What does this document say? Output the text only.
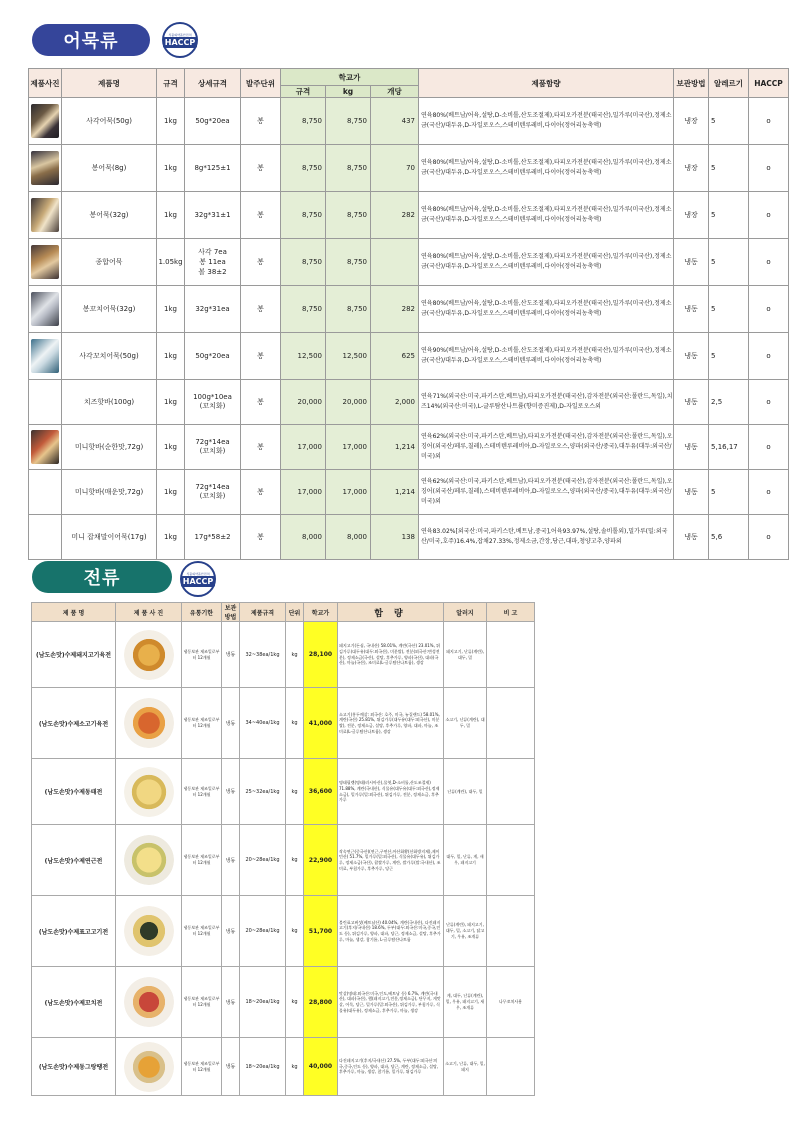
어묵류	식품의약품안전처
HACCP
제품사진	제품명	규격	상세규격	발주단위	학교가			제품함량	보관방법	알레르기	HACCP
					규격	kg	개당				

	사각어묵(50g)	1kg	50g*20ea	봉	8,750	8,750	437	연육80%(베트남/어육,설탕,D-소비톨,산도조절제),타피오카전분(태국산),밀가루(미국산),정제소금(국산)/대두유,D-자일로오스,스테비텐루레비,다이아(정어리농축액)	냉장	5	o

	봉어묵(8g)	1kg	8g*125±1	봉	8,750	8,750	70	연육80%(베트남/어육,설탕,D-소비톨,산도조절제),타피오카전분(태국산),밀가루(미국산),정제소금(국산)/대두유,D-자일로오스,스테비텐루레비,다이아(정어리농축액)	냉장	5	o

	봉어묵(32g)	1kg	32g*31±1	봉	8,750	8,750	282	연육80%(베트남/어육,설탕,D-소비톨,산도조절제),타피오카전분(태국산),밀가루(미국산),정제소금(국산)/대두유,D-자일로오스,스테비텐루레비,다이아(정어리농축액)	냉장	5	o

	종합어묵	1.05kg	사각 7ea
봉 11ea
볼 38±2	봉	8,750	8,750		연육80%(베트남/어육,설탕,D-소비톨,산도조절제),타피오카전분(태국산),밀가루(미국산),정제소금(국산)/대두유,D-자일로오스,스테비텐루레비,다이아(정어리농축액)	냉동	5	o

	봉꼬치어묵(32g)	1kg	32g*31ea	봉	8,750	8,750	282	연육80%(베트남/어육,설탕,D-소비톨,산도조절제),타피오카전분(태국산),밀가루(미국산),정제소금(국산)/대두유,D-자일로오스,스테비텐루레비,다이아(정어리농축액)	냉동	5	o

	사각꼬치어묵(50g)	1kg	50g*20ea	봉	12,500	12,500	625	연육90%(베트남/어육,설탕,D-소비톨,산도조절제),타피오카전분(태국산),밀가루(미국산),정제소금(국산)/대두유,D-자일로오스,스테비텐루레비,다이아(정어리농축액)	냉동	5	o
	치즈핫바(100g)	1kg	100g*10ea
(꼬치화)	봉	20,000	20,000	2,000	연육71%(외국산:미국,파키스탄,베트남),타피오카전분(태국산),감자전분(외국산:폴란드,독일),치즈14%(외국산:미국),L-글루탐산나트륨(향미증진제),D-자일로오스외	냉동	2,5	o

	미니핫바(순한맛,72g)	1kg	72g*14ea
(꼬치화)	봉	17,000	17,000	1,214	연육62%(외국산:미국,파키스탄,베트남),타피오카전분(태국산),감자전분(외국산:폴란드,독일),오징어(외국산/페루,칠레),스테비텐루레비아,D-자일로오스,양파(외국산/중국),대두유(대두:외국산/미국)외	냉동	5,16,17	o
	미니핫바(매운맛,72g)	1kg	72g*14ea
(꼬치화)	봉	17,000	17,000	1,214	연육62%(외국산:미국,파키스탄,베트남),타피오카전분(태국산),감자전분(외국산:폴란드,독일),오징어(외국산/페루,칠레),스테비텐루레비아,D-자일로오스,양파(외국산/중국),대두유(대두:외국산/미국)외	냉동	5	o
	미니 잡채말이어묵(17g)	1kg	17g*58±2	봉	8,000	8,000	138	연육83.02%[외국산:미국,파키스탄,베트남,중국],어육93.97%,설탕,솔비톨외),밀가루(밀:외국산/미국,호주)16.4%,잡채27.33%,정제소금,간장,당근,대파,청양고추,양파외	냉동	5,6	o
전류	식품의약품안전처
HACCP
제 품 명	제 품 사 진	유통기한	보관방법	제품규격	단위	학교가	함 량	알러지	비 고
(남도손맛)수제돼지고기육전		냉동보관 제조일로부터 12개월	냉동	32~38ea/1kg	kg	28,100	돼지고기(돈심, 국내산) 58.01%, 계란(국산) 23.01%, 튀김가루(대두유(대두:외국산), 미분쌀), 전분(외국산:변성전분), 정제소금(국산), 설탕, 후추가루, 양파(국산), 대파(국산), 마늘(국산), 조미료(L-글루탐산나트륨), 생강	돼지고기, 난류(계란), 대두, 밀	
(남도손맛)수제소고기육전		냉동보관 제조일로부터 12개월	냉동	34~40ea/1kg	kg	41,000	소고기(홍두깨살: 외국산: 호주, 미국, 뉴질랜드) 58.01%, 계란(국산) 25.81%, 튀김가루(대두유(대두:외국산), 미분쌀), 전분, 정제소금, 설탕, 후추가루, 양파, 대파, 마늘, 조미료(L-글루탐산나트륨), 생강	소고기, 난류(계란), 대두, 밀	
(남도손맛)수제동태전		냉동보관 제조일로부터 12개월	냉동	25~32ea/1kg	kg	36,600	명태필렛(명태(러시아산),물엿,D-소비톨,산도조절제) 71.88%, 계란(국내산), 식물유(대두유(대두:외국산),정제소금), 밀가루(밀:외국산), 튀김가루, 전분, 정제소금, 후추가루	난류(계란), 대두, 밀	
(남도손맛)수제연근전		냉동보관 제조일로부터 12개월	냉동	20~28ea/1kg	kg	22,900	작속연근(중국산)(연근,구연산,아산화황(산화방지제),제이민산) 51.7%, 밀가루(밀:외국산), 식물유(대두유), 튀김가루, 정제소금(국산), 찹쌀가루, 계란, 쌀가루(쌀:국내산), 조미료, 부침가루, 후추가루, 당근	대두, 밀, 난류, 게, 새우, 돼지고기	
(남도손맛)수제표고고기전		냉동보관 제조일로부터 12개월	냉동	20~28ea/1kg	kg	51,700	불린표고버섯(베트남산) 40.04%, 계란(국내산), 다진돼지고기(후지/국내산) 18.6%, 두부(대두:외국산:미국,중국,인도 등), 튀김가루, 양파, 대파, 당근, 정제소금, 설탕, 후추가루, 마늘, 생강, 참기름, L-글루탐산나트륨	난류(계란), 돼지고기, 대두, 밀, 소고기, 닭고기, 우유, 조개류	
(남도손맛)수제꼬치전		냉동보관 제조일로부터 12개월	냉동	18~20ea/1kg	kg	28,800	맛살(명태:외국산:미국,인도,베트남 등) 6.7%, 계란(국내산), 대파(국산), 햄(돼지고기,전분,정제소금), 단무지, 게맛살, 어묵, 당근, 밀가루(밀:외국산), 튀김가루, 부침가루, 식물유(대두유), 정제소금, 후추가루, 마늘, 생강	게, 대두, 난류(계란), 밀, 우유, 돼지고기, 새우, 조개류	나무꼬치사용
(남도손맛)수제동그랑땡전		냉동보관 제조일로부터 12개월	냉동	18~20ea/1kg	kg	40,000	다진돼지고기(후지/국내산) 27.5%, 두부(대두:외국산:미국,중국,인도 등), 양파, 대파, 당근, 계란, 정제소금, 설탕, 후추가루, 마늘, 생강, 참기름, 밀가루, 튀김가루	소고기, 난류, 대두, 밀, 돼지	
